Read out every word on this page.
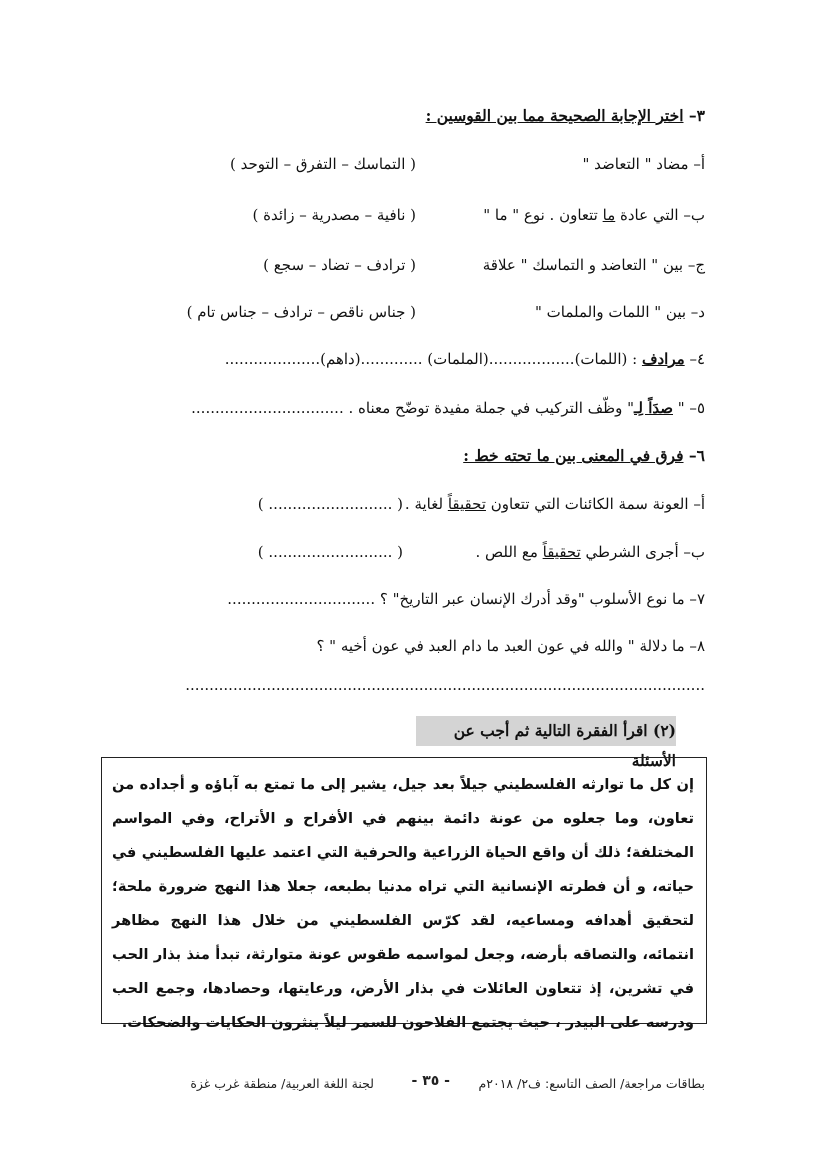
٣– اختر الإجابة الصحيحة مما بين القوسين :
أ– مضاد " التعاضد "
( التماسك – التفرق – التوحد )
ب– التي عادة ما تتعاون . نوع " ما "
( نافية – مصدرية – زائدة )
ج– بين " التعاضد و التماسك " علاقة
( ترادف – تضاد – سجع )
د– بين " اللمات والملمات "
( جناس ناقص – ترادف – جناس تام )
٤– مرادف : (اللمات)..................(الملمات) .............(داهم)....................
٥– " صدَاً لِـ" وظّف التركيب في جملة مفيدة توضّح معناه . ................................
٦– فرق في المعنى بين ما تحته خط :
أ– العونة سمة الكائنات التي تتعاون تحقيقاً لغاية .
( .......................... )
ب– أجرى الشرطي تحقيقاً مع اللص .
( .......................... )
٧– ما نوع الأسلوب "وقد أدرك الإنسان عبر التاريخ" ؟ ...............................
٨– ما دلالة " والله في عون العبد ما دام العبد في عون أخيه " ؟
.............................................................................................................
(٢) اقرأ الفقرة التالية ثم أجب عن الأسئلة
إن كل ما توارثه الفلسطيني جيلاً بعد جيل، يشير إلى ما تمتع به آباؤه و أجداده من تعاون، وما جعلوه من عونة دائمة بينهم في الأفراح و الأتراح، وفي المواسم المختلفة؛ ذلك أن واقع الحياة الزراعية والحرفية التي اعتمد عليها الفلسطيني في حياته، و أن فطرته الإنسانية التي تراه مدنيا بطبعه، جعلا هذا النهج ضرورة ملحة؛ لتحقيق أهدافه ومساعيه، لقد كرّس الفلسطيني من خلال هذا النهج مظاهر انتمائه، والتصاقه بأرضه، وجعل لمواسمه طقوس عونة متوارثة، تبدأ منذ بذار الحب في تشرين، إذ تتعاون العائلات في بذار الأرض، ورعايتها، وحصادها، وجمع الحب ودرسه على البيدر ، حيث يجتمع الفلاحون للسمر ليلاً ينثرون الحكايات والضحكات.
بطاقات مراجعة/ الصف التاسع: ف٢/ ٢٠١٨م
- ٣٥ -
لجنة اللغة العربية/ منطقة غرب غزة
